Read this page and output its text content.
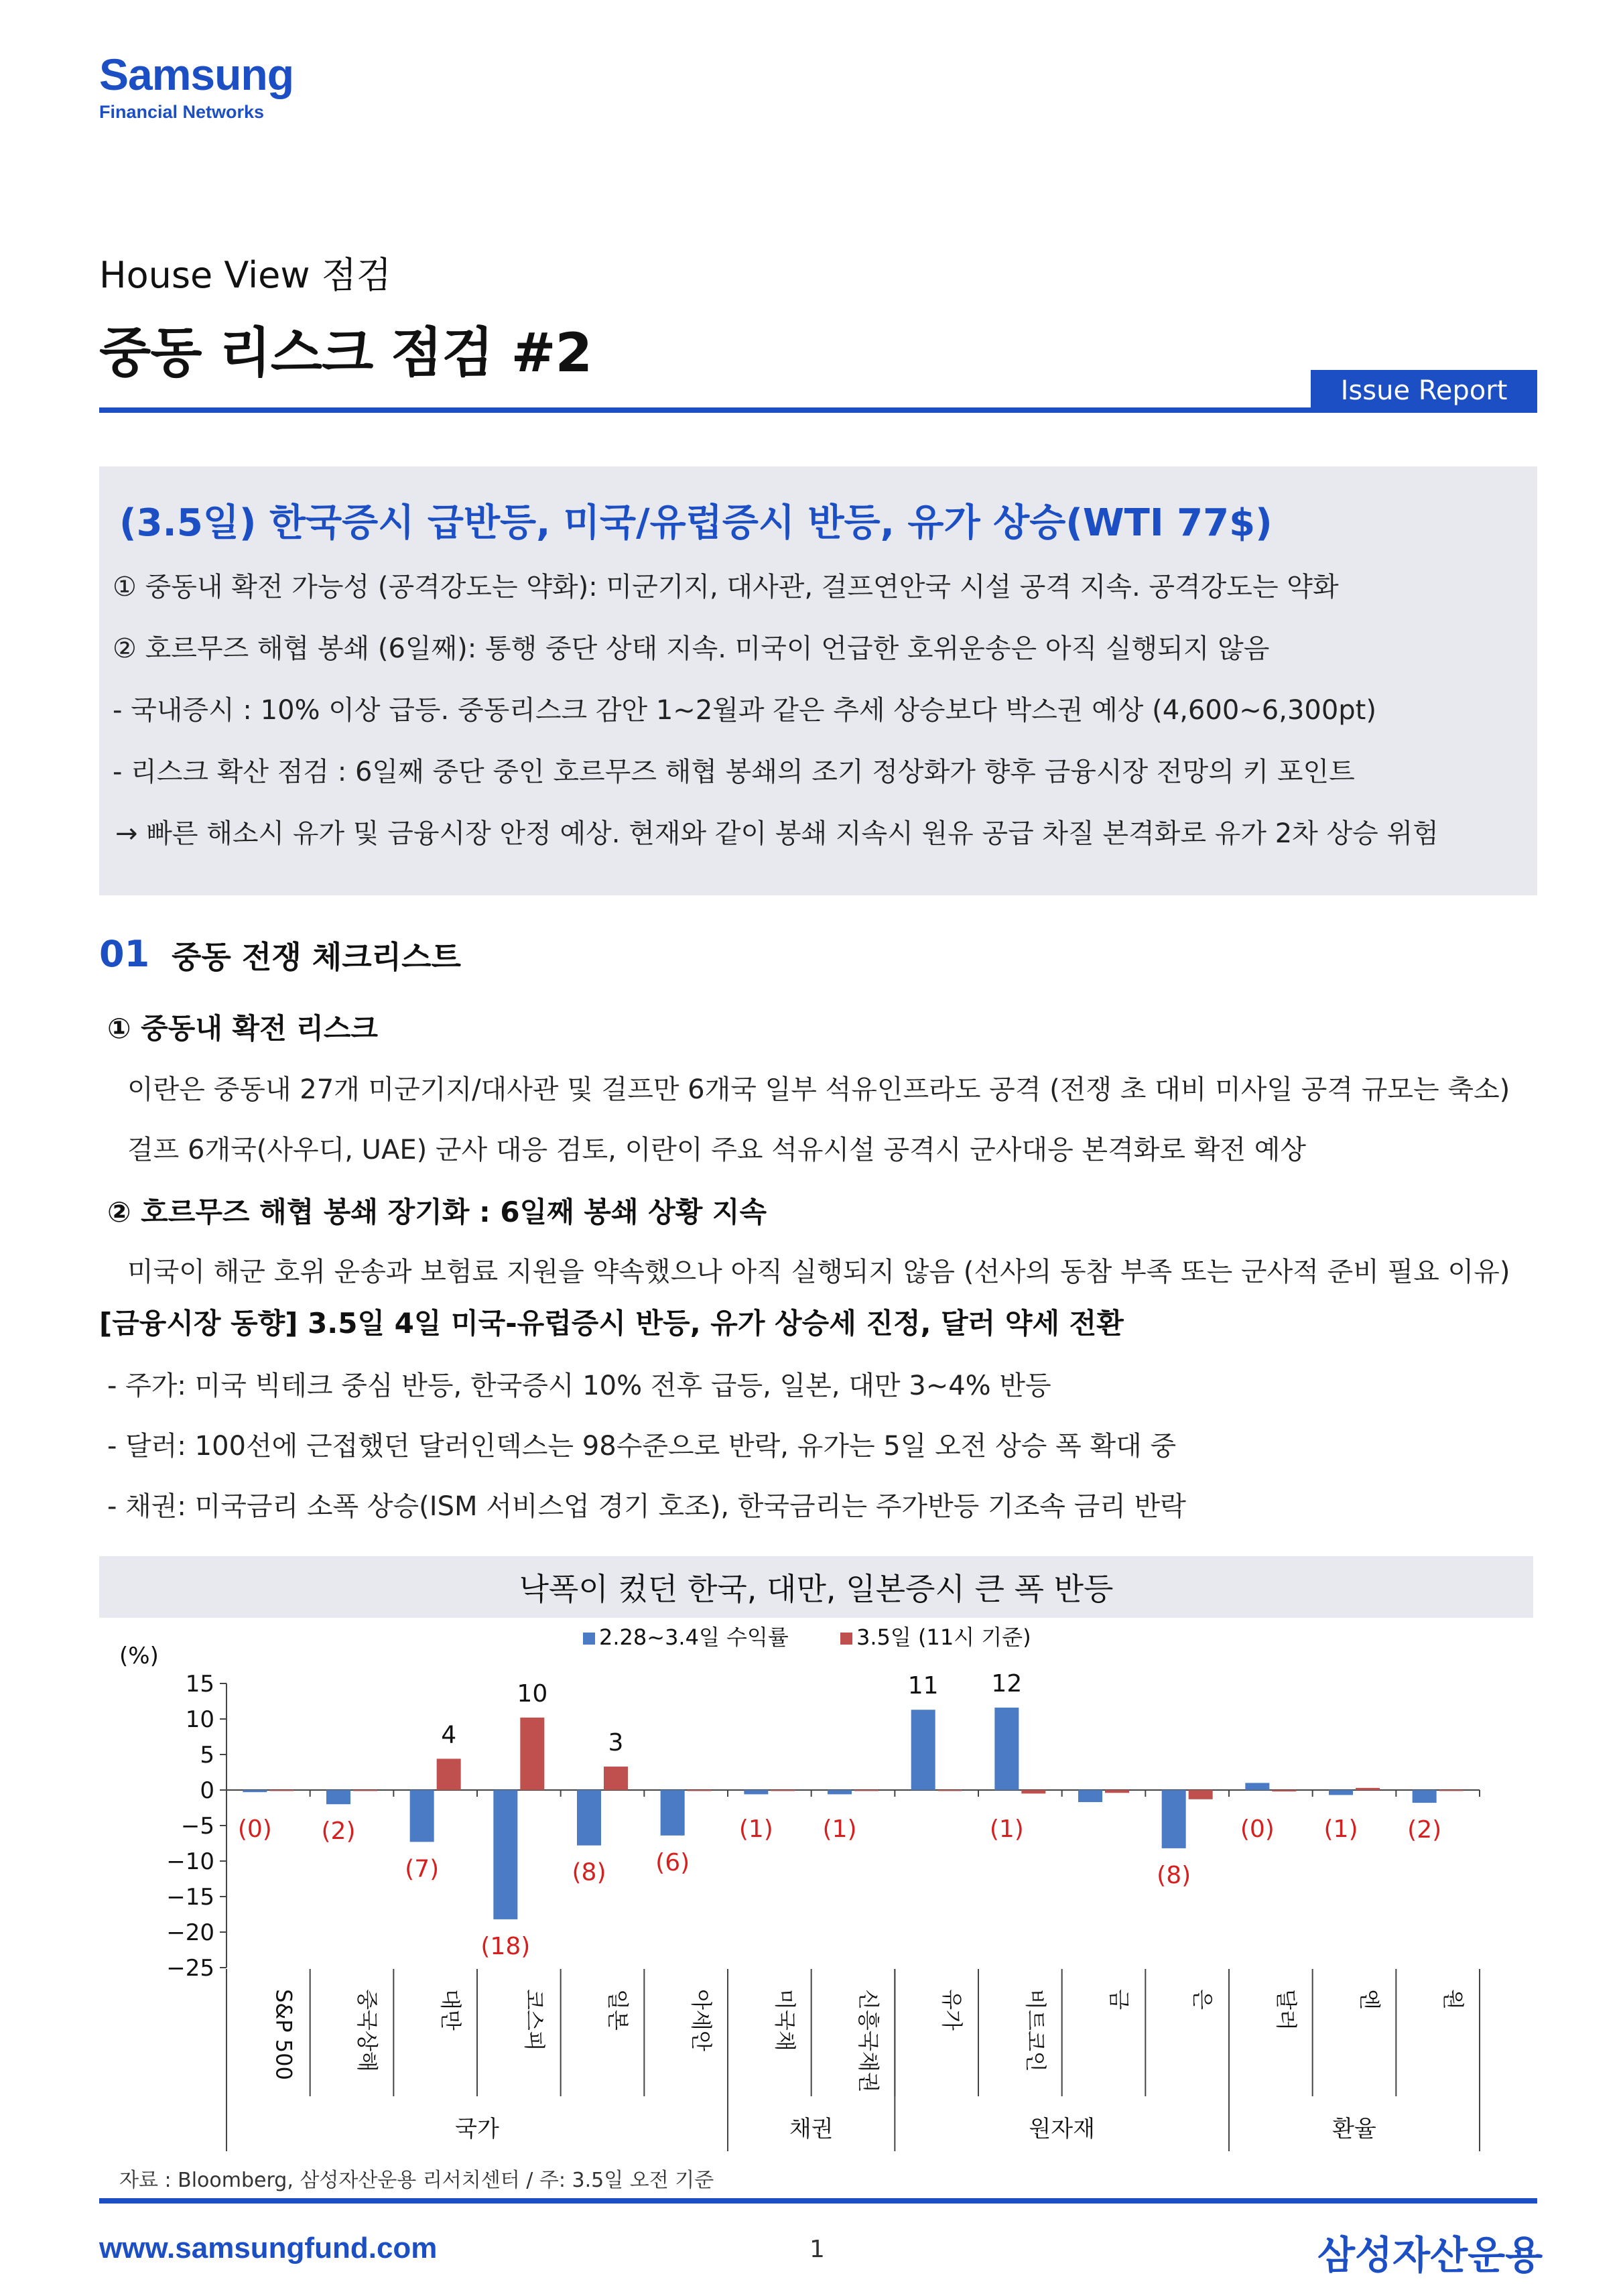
Samsung
Financial Networks
House View 점검
중동 리스크 점검 #2
Issue Report
(3.5일) 한국증시 급반등, 미국/유럽증시 반등, 유가 상승(WTI 77$)
① 중동내 확전 가능성 (공격강도는 약화): 미군기지, 대사관, 걸프연안국 시설 공격 지속. 공격강도는 약화
② 호르무즈 해협 봉쇄 (6일째): 통행 중단 상태 지속. 미국이 언급한 호위운송은 아직 실행되지 않음
- 국내증시 : 10% 이상 급등. 중동리스크 감안 1~2월과 같은 추세 상승보다 박스권 예상 (4,600~6,300pt)
- 리스크 확산 점검 : 6일째 중단 중인 호르무즈 해협 봉쇄의 조기 정상화가 향후 금융시장 전망의 키 포인트
→ 빠른 해소시 유가 및 금융시장 안정 예상. 현재와 같이 봉쇄 지속시 원유 공급 차질 본격화로 유가 2차 상승 위험
01 중동 전쟁 체크리스트
① 중동내 확전 리스크
이란은 중동내 27개 미군기지/대사관 및 걸프만 6개국 일부 석유인프라도 공격 (전쟁 초 대비 미사일 공격 규모는 축소)
걸프 6개국(사우디, UAE) 군사 대응 검토, 이란이 주요 석유시설 공격시 군사대응 본격화로 확전 예상
② 호르무즈 해협 봉쇄 장기화 : 6일째 봉쇄 상황 지속
미국이 해군 호위 운송과 보험료 지원을 약속했으나 아직 실행되지 않음 (선사의 동참 부족 또는 군사적 준비 필요 이유)
[금융시장 동향] 3.5일 4일 미국-유럽증시 반등, 유가 상승세 진정, 달러 약세 전환
- 주가: 미국 빅테크 중심 반등, 한국증시 10% 전후 급등, 일본, 대만 3~4% 반등
- 달러: 100선에 근접했던 달러인덱스는 98수준으로 반락, 유가는 5일 오전 상승 폭 확대 중
- 채권: 미국금리 소폭 상승(ISM 서비스업 경기 호조), 한국금리는 주가반등 기조속 금리 반락
낙폭이 컸던 한국, 대만, 일본증시 큰 폭 반등
(%)
15
10
5
0
−5
−10
−15
−20
−25
(0) (2)
(7)
4
(18)
10
(8)
3
(6)
(1) (1)
11 12
(1)
(8)
(0) (1) (2)
2.28~3.4일 수익률	3.5일 (11시 기준)
S&P 500	중국상해	대만	코스피	일본	아세안	미국채	신흥국채권	유가	비트코인	금	은	달러	엔	원
국가	채권	원자재	환율
자료 : Bloomberg, 삼성자산운용 리서치센터 / 주: 3.5일 오전 기준
www.samsungfund.com	1	삼성자산운용
